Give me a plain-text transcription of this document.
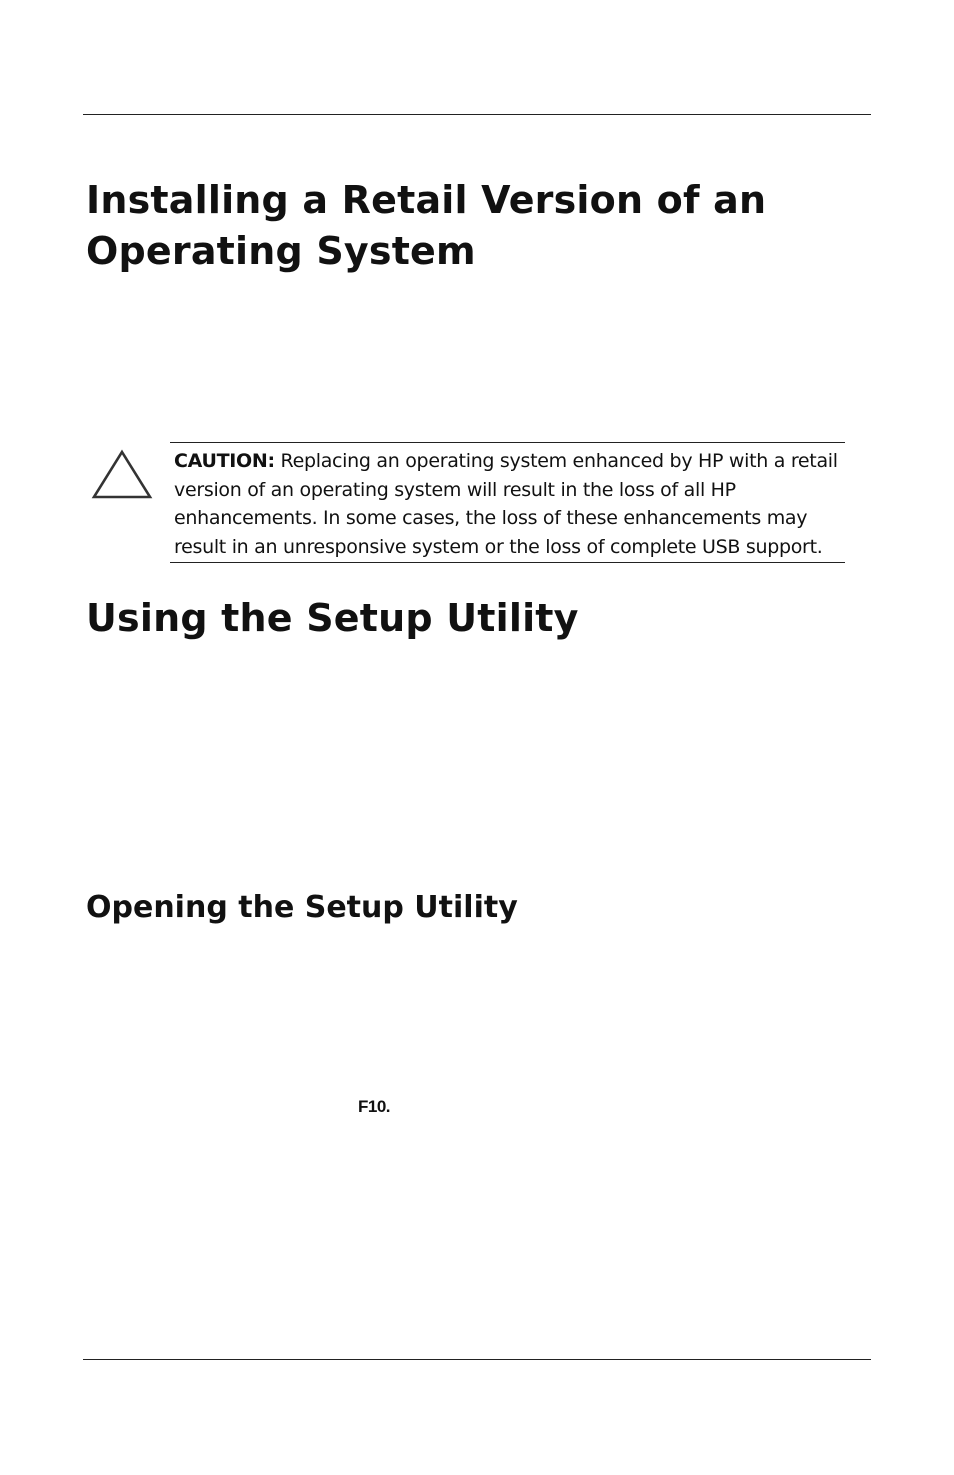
Installing a Retail Version of an
Operating System

CAUTION: Replacing an operating system enhanced by HP with a retail version of an operating system will result in the loss of all HP enhancements. In some cases, the loss of these enhancements may result in an unresponsive system or the loss of complete USB support.

Using the Setup Utility
Opening the Setup Utility
F10.
